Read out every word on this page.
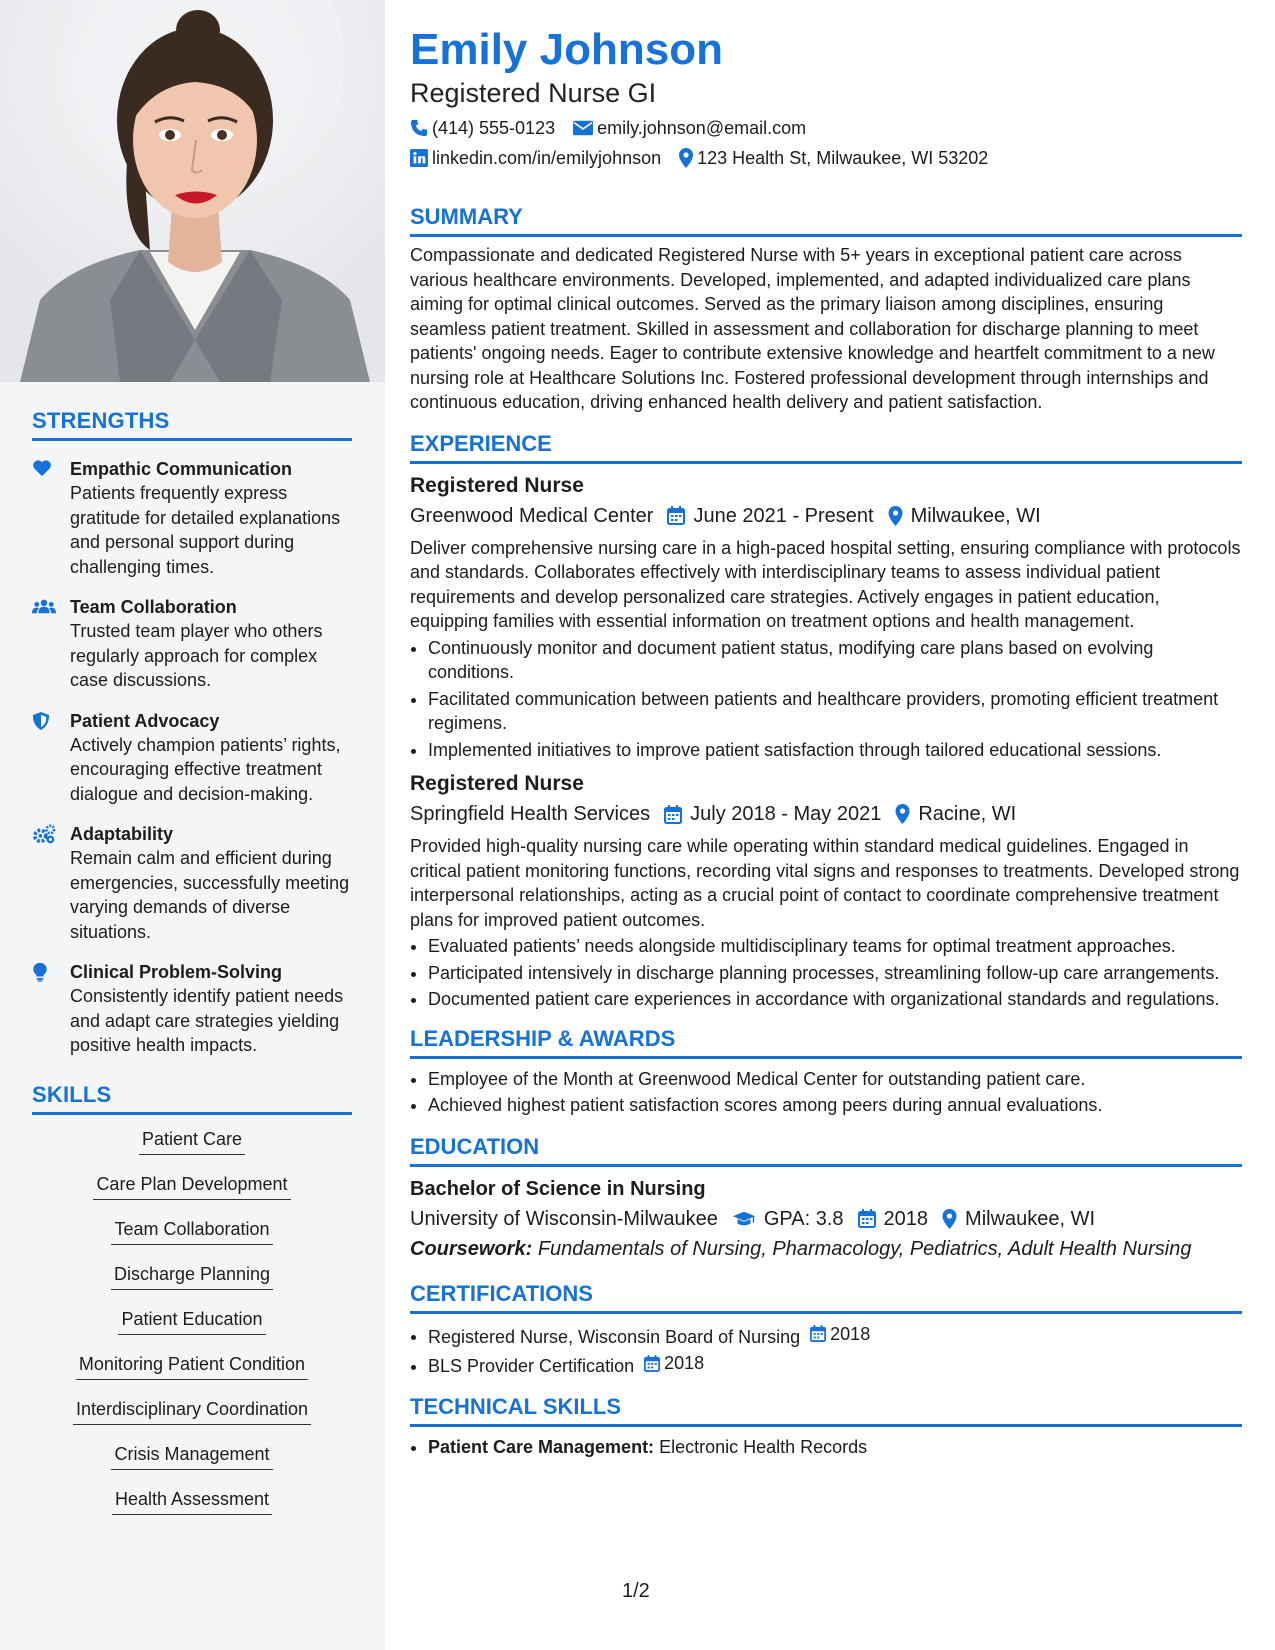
STRENGTHS
Empathic Communication
Patients frequently express gratitude for detailed explanations and personal support during challenging times.
Team Collaboration
Trusted team player who others regularly approach for complex case discussions.
Patient Advocacy
Actively champion patients’ rights, encouraging effective treatment dialogue and decision-making.
Adaptability
Remain calm and efficient during emergencies, successfully meeting varying demands of diverse situations.
Clinical Problem-Solving
Consistently identify patient needs and adapt care strategies yielding positive health impacts.
SKILLS
Patient Care
Care Plan Development
Team Collaboration
Discharge Planning
Patient Education
Monitoring Patient Condition
Interdisciplinary Coordination
Crisis Management
Health Assessment
Emily Johnson
Registered Nurse GI
(414) 555-0123 emily.johnson@email.com
linkedin.com/in/emilyjohnson 123 Health St, Milwaukee, WI 53202
SUMMARY
Compassionate and dedicated Registered Nurse with 5+ years in exceptional patient care across various healthcare environments. Developed, implemented, and adapted individualized care plans aiming for optimal clinical outcomes. Served as the primary liaison among disciplines, ensuring seamless patient treatment. Skilled in assessment and collaboration for discharge planning to meet patients' ongoing needs. Eager to contribute extensive knowledge and heartfelt commitment to a new nursing role at Healthcare Solutions Inc. Fostered professional development through internships and continuous education, driving enhanced health delivery and patient satisfaction.
EXPERIENCE
Registered Nurse
Greenwood Medical Center June 2021 - Present Milwaukee, WI
Deliver comprehensive nursing care in a high-paced hospital setting, ensuring compliance with protocols and standards. Collaborates effectively with interdisciplinary teams to assess individual patient requirements and develop personalized care strategies. Actively engages in patient education, equipping families with essential information on treatment options and health management.
• Continuously monitor and document patient status, modifying care plans based on evolving conditions.
• Facilitated communication between patients and healthcare providers, promoting efficient treatment regimens.
• Implemented initiatives to improve patient satisfaction through tailored educational sessions.
Registered Nurse
Springfield Health Services July 2018 - May 2021 Racine, WI
Provided high-quality nursing care while operating within standard medical guidelines. Engaged in critical patient monitoring functions, recording vital signs and responses to treatments. Developed strong interpersonal relationships, acting as a crucial point of contact to coordinate comprehensive treatment plans for improved patient outcomes.
• Evaluated patients’ needs alongside multidisciplinary teams for optimal treatment approaches.
• Participated intensively in discharge planning processes, streamlining follow-up care arrangements.
• Documented patient care experiences in accordance with organizational standards and regulations.
LEADERSHIP & AWARDS
• Employee of the Month at Greenwood Medical Center for outstanding patient care.
• Achieved highest patient satisfaction scores among peers during annual evaluations.
EDUCATION
Bachelor of Science in Nursing
University of Wisconsin-Milwaukee GPA: 3.8 2018 Milwaukee, WI
Coursework: Fundamentals of Nursing, Pharmacology, Pediatrics, Adult Health Nursing
CERTIFICATIONS
• Registered Nurse, Wisconsin Board of Nursing 2018
• BLS Provider Certification 2018
TECHNICAL SKILLS
• Patient Care Management: Electronic Health Records
1/2
